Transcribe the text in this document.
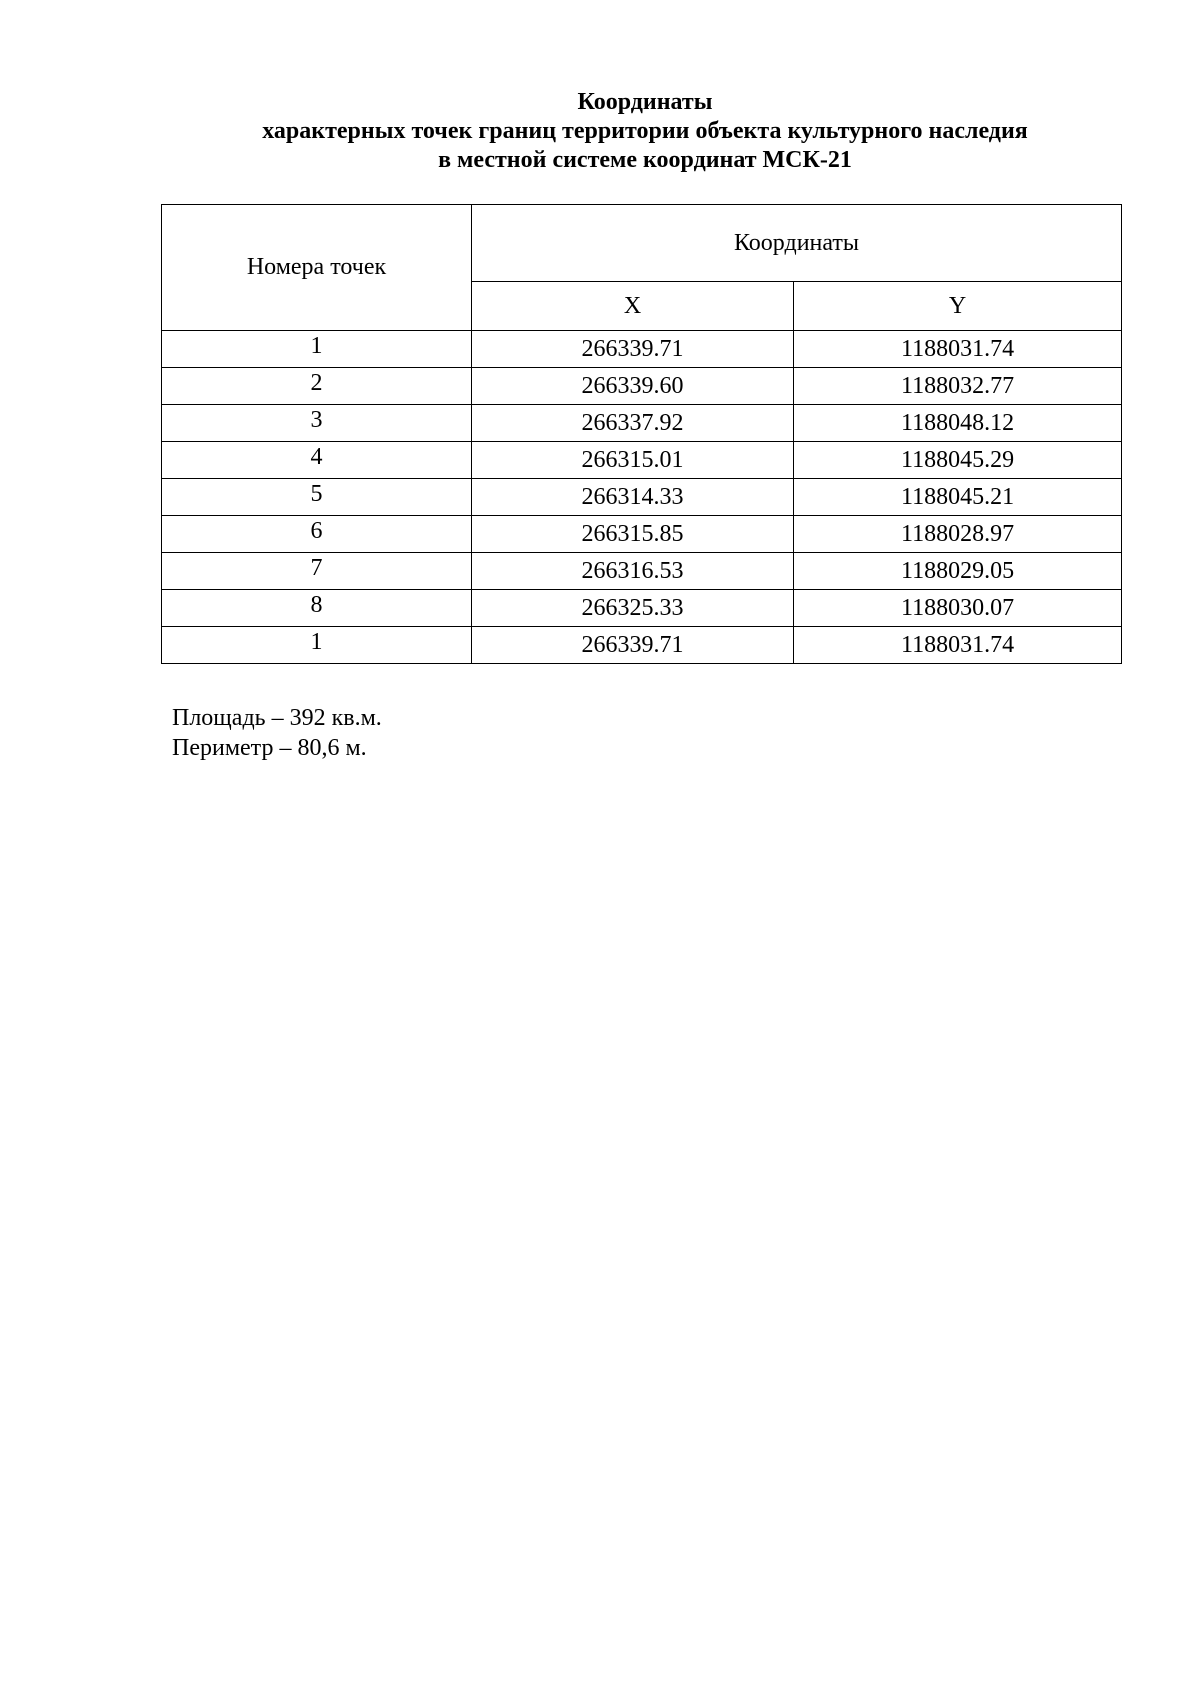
Координаты
характерных точек границ территории объекта культурного наследия
в местной системе координат МСК-21
Номера точек	Координаты	
	X	Y
1	266339.71	1188031.74
2	266339.60	1188032.77
3	266337.92	1188048.12
4	266315.01	1188045.29
5	266314.33	1188045.21
6	266315.85	1188028.97
7	266316.53	1188029.05
8	266325.33	1188030.07
1	266339.71	1188031.74
Площадь – 392 кв.м.
Периметр – 80,6 м.
